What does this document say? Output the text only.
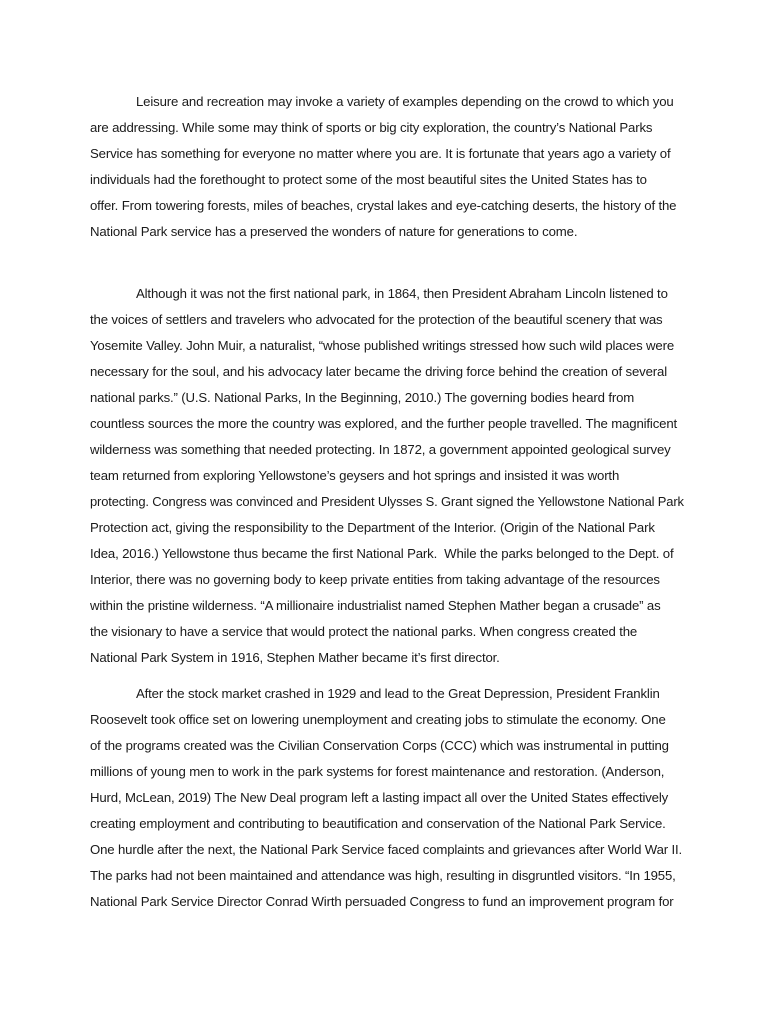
Leisure and recreation may invoke a variety of examples depending on the crowd to which you
are addressing. While some may think of sports or big city exploration, the country’s National Parks
Service has something for everyone no matter where you are. It is fortunate that years ago a variety of
individuals had the forethought to protect some of the most beautiful sites the United States has to
offer. From towering forests, miles of beaches, crystal lakes and eye-catching deserts, the history of the
National Park service has a preserved the wonders of nature for generations to come.
Although it was not the first national park, in 1864, then President Abraham Lincoln listened to
the voices of settlers and travelers who advocated for the protection of the beautiful scenery that was
Yosemite Valley. John Muir, a naturalist, “whose published writings stressed how such wild places were
necessary for the soul, and his advocacy later became the driving force behind the creation of several
national parks.” (U.S. National Parks, In the Beginning, 2010.) The governing bodies heard from
countless sources the more the country was explored, and the further people travelled. The magnificent
wilderness was something that needed protecting. In 1872, a government appointed geological survey
team returned from exploring Yellowstone’s geysers and hot springs and insisted it was worth
protecting. Congress was convinced and President Ulysses S. Grant signed the Yellowstone National Park
Protection act, giving the responsibility to the Department of the Interior. (Origin of the National Park
Idea, 2016.) Yellowstone thus became the first National Park.  While the parks belonged to the Dept. of
Interior, there was no governing body to keep private entities from taking advantage of the resources
within the pristine wilderness. “A millionaire industrialist named Stephen Mather began a crusade” as
the visionary to have a service that would protect the national parks. When congress created the
National Park System in 1916, Stephen Mather became it’s first director.
After the stock market crashed in 1929 and lead to the Great Depression, President Franklin
Roosevelt took office set on lowering unemployment and creating jobs to stimulate the economy. One
of the programs created was the Civilian Conservation Corps (CCC) which was instrumental in putting
millions of young men to work in the park systems for forest maintenance and restoration. (Anderson,
Hurd, McLean, 2019) The New Deal program left a lasting impact all over the United States effectively
creating employment and contributing to beautification and conservation of the National Park Service.
One hurdle after the next, the National Park Service faced complaints and grievances after World War II.
The parks had not been maintained and attendance was high, resulting in disgruntled visitors. “In 1955,
National Park Service Director Conrad Wirth persuaded Congress to fund an improvement program for
